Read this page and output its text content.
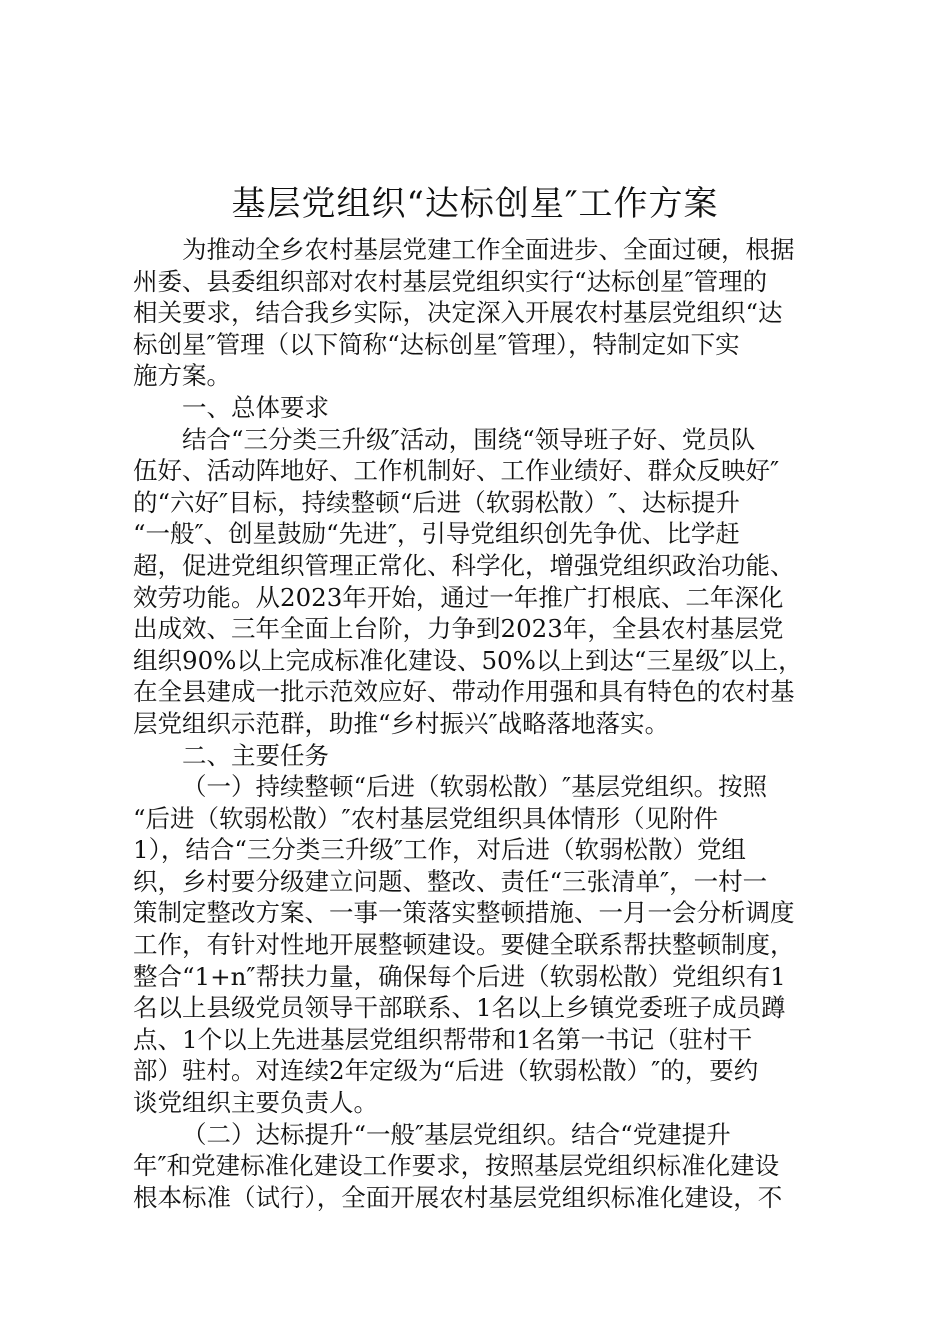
基层党组织“达标创星″工作方案
为推动全乡农村基层党建工作全面进步、全面过硬，根据
州委、县委组织部对农村基层党组织实行“达标创星″管理的
相关要求，结合我乡实际，决定深入开展农村基层党组织“达
标创星″管理（以下简称“达标创星″管理），特制定如下实
施方案。
一、总体要求
结合“三分类三升级″活动，围绕“领导班子好、党员队
伍好、活动阵地好、工作机制好、工作业绩好、群众反映好″
的“六好″目标，持续整顿“后进（软弱松散）″、达标提升
“一般″、创星鼓励“先进″，引导党组织创先争优、比学赶
超，促进党组织管理正常化、科学化，增强党组织政治功能、
效劳功能。从2023年开始，通过一年推广打根底、二年深化
出成效、三年全面上台阶，力争到2023年，全县农村基层党
组织90%以上完成标准化建设、50%以上到达“三星级″以上，
在全县建成一批示范效应好、带动作用强和具有特色的农村基
层党组织示范群，助推“乡村振兴″战略落地落实。
二、主要任务
（一）持续整顿“后进（软弱松散）″基层党组织。按照
“后进（软弱松散）″农村基层党组织具体情形（见附件
1），结合“三分类三升级″工作，对后进（软弱松散）党组
织，乡村要分级建立问题、整改、责任“三张清单″，一村一
策制定整改方案、一事一策落实整顿措施、一月一会分析调度
工作，有针对性地开展整顿建设。要健全联系帮扶整顿制度，
整合“1+n″帮扶力量，确保每个后进（软弱松散）党组织有1
名以上县级党员领导干部联系、1名以上乡镇党委班子成员蹲
点、1个以上先进基层党组织帮带和1名第一书记（驻村干
部）驻村。对连续2年定级为“后进（软弱松散）″的，要约
谈党组织主要负责人。
（二）达标提升“一般″基层党组织。结合“党建提升
年″和党建标准化建设工作要求，按照基层党组织标准化建设
根本标准（试行），全面开展农村基层党组织标准化建设，不
